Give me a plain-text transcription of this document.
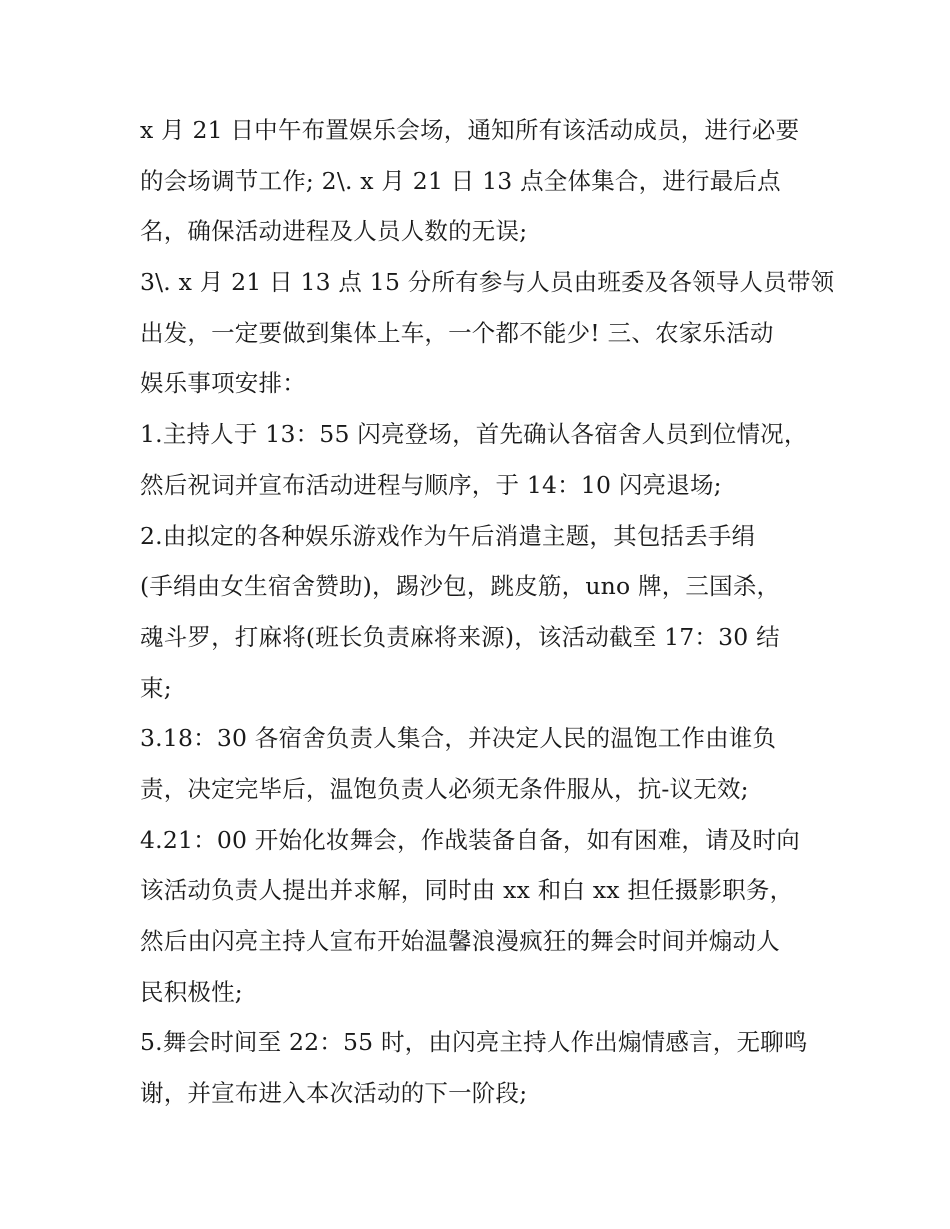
x 月 21 日中午布置娱乐会场，通知所有该活动成员，进行必要
的会场调节工作; 2\. x 月 21 日 13 点全体集合，进行最后点
名，确保活动进程及人员人数的无误;
3\. x 月 21 日 13 点 15 分所有参与人员由班委及各领导人员带领
出发，一定要做到集体上车，一个都不能少! 三、农家乐活动
娱乐事项安排：
1.主持人于 13：55 闪亮登场，首先确认各宿舍人员到位情况，
然后祝词并宣布活动进程与顺序，于 14：10 闪亮退场;
2.由拟定的各种娱乐游戏作为午后消遣主题，其包括丢手绢
(手绢由女生宿舍赞助)，踢沙包，跳皮筋，uno 牌，三国杀，
魂斗罗，打麻将(班长负责麻将来源)，该活动截至 17：30 结
束;
3.18：30 各宿舍负责人集合，并决定人民的温饱工作由谁负
责，决定完毕后，温饱负责人必须无条件服从，抗-议无效;
4.21：00 开始化妆舞会，作战装备自备，如有困难，请及时向
该活动负责人提出并求解，同时由 xx 和白 xx 担任摄影职务，
然后由闪亮主持人宣布开始温馨浪漫疯狂的舞会时间并煽动人
民积极性;
5.舞会时间至 22：55 时，由闪亮主持人作出煽情感言，无聊鸣
谢，并宣布进入本次活动的下一阶段;
